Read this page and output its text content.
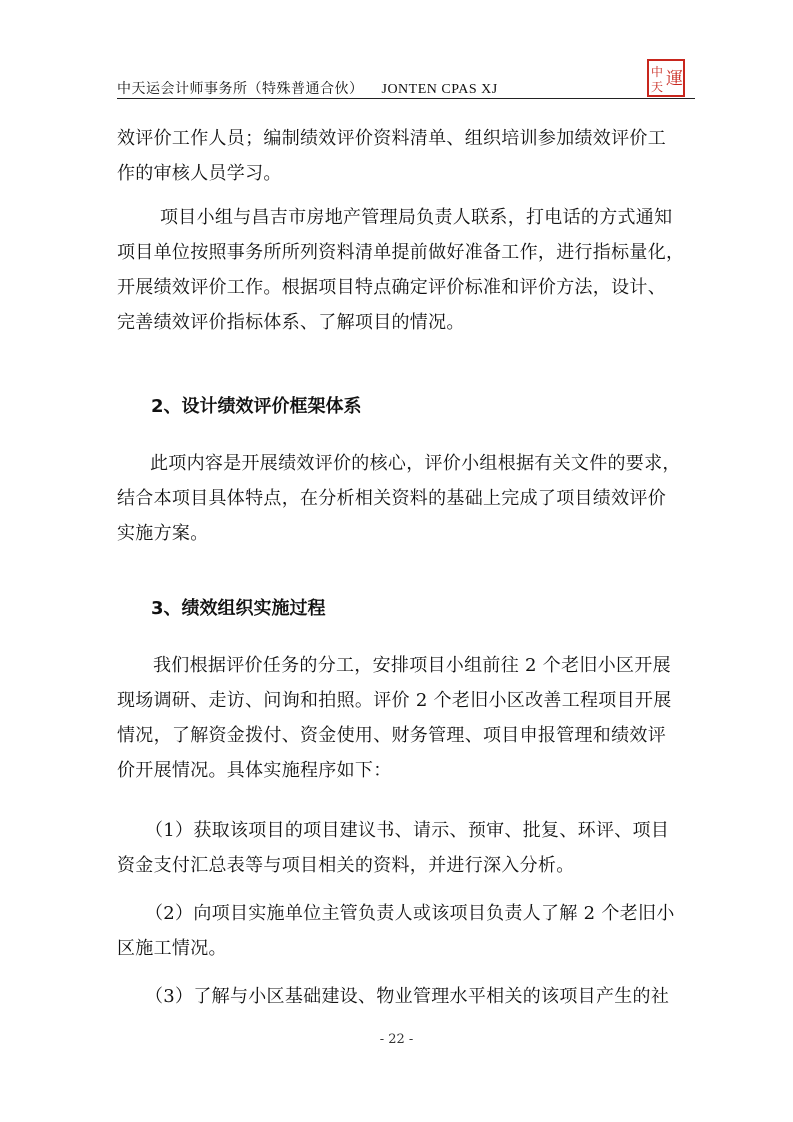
中天运会计师事务所（特殊普通合伙） JONTEN CPAS XJ
中
天 運
效评价工作人员；编制绩效评价资料清单、组织培训参加绩效评价工
作的审核人员学习。
项目小组与昌吉市房地产管理局负责人联系，打电话的方式通知
项目单位按照事务所所列资料清单提前做好准备工作，进行指标量化，
开展绩效评价工作。根据项目特点确定评价标准和评价方法，设计、
完善绩效评价指标体系、了解项目的情况。
2、设计绩效评价框架体系
此项内容是开展绩效评价的核心，评价小组根据有关文件的要求，
结合本项目具体特点，在分析相关资料的基础上完成了项目绩效评价
实施方案。
3、绩效组织实施过程
我们根据评价任务的分工，安排项目小组前往 2 个老旧小区开展
现场调研、走访、问询和拍照。评价 2 个老旧小区改善工程项目开展
情况，了解资金拨付、资金使用、财务管理、项目申报管理和绩效评
价开展情况。具体实施程序如下：
（1）获取该项目的项目建议书、请示、预审、批复、环评、项目
资金支付汇总表等与项目相关的资料，并进行深入分析。
（2）向项目实施单位主管负责人或该项目负责人了解 2 个老旧小
区施工情况。
（3）了解与小区基础建设、物业管理水平相关的该项目产生的社
- 22 -
